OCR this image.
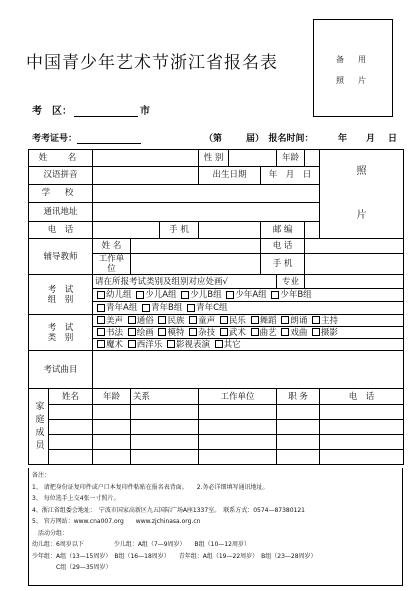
中国青少年艺术节浙江省报名表	备用
照片
考　区：	市
考考证号：	（第	届）　 报名时间：	年 月 日
姓　名					性 别			年龄		照
片

汉语拼音					出生日期		年　月　日			
学 校										
通讯地址										
电　话				手 机			邮 编			
辅导教师		姓 名					电 话			
		工作单位					手 机			
考　试
组　别		请在所报考试类别及组别对应处画√						专业		
		幼儿组 少儿A组 少儿B组 少年A组 少年B组								
		青年A组 青年B组 青年C组								
考　试
类　别		美声 通俗 民族 童声 民乐 舞蹈 朗诵 主持								
		书法 绘画 模特 杂技 武术 曲艺 戏曲 摄影								
		魔术 西洋乐 影视表演 其它								
考试曲目										
家庭成员	姓名	年龄	关系		工作单位			职 务		电　话

备注：
1、 请把身份证复印件或户口本复印件粘贴在报名表背面。　　2.务必详细填写通讯地址。
3、 每位选手上交4张一寸照片。
4、浙江省组委会地址：　宁波市国家高新区九五国际广场A座1337室。　联系方式：0574—87380121
5、 官方网站：www.cna007.org　　www.zjchinasa.org.cn
　活动分组：
幼儿组：6周岁以下　　　　　少儿组：A组（7—9周岁）　　B组（10—12周岁）
少年组：A组（13—15周岁）　B组（16—18周岁）　　青年组：A组（19—22周岁）　B组（23—28周岁）
　　　　C组（29—35周岁）
